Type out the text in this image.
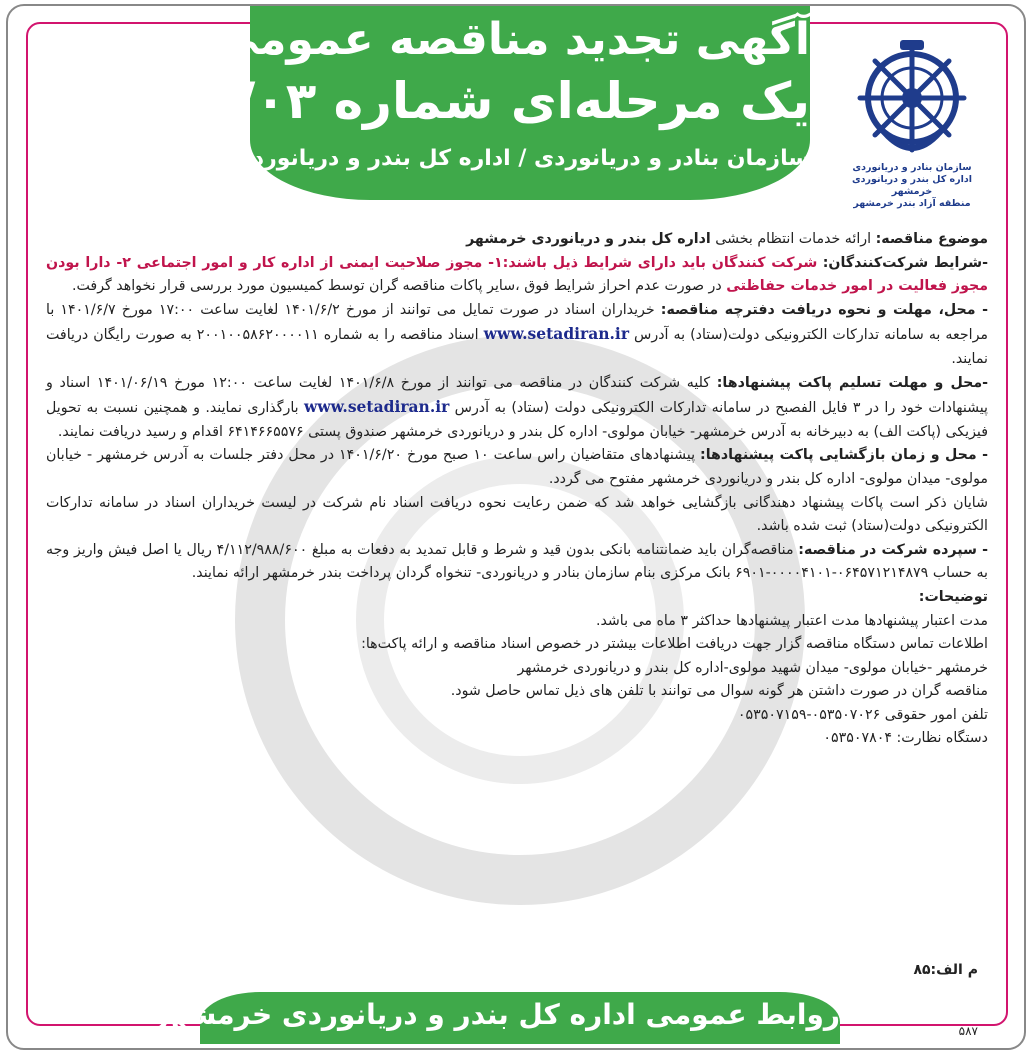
آگهی تجدید مناقصه عمومی
یک مرحله‌ای شماره ۱۴۰۱/۰۳
سازمان بنادر و دریانوردی / اداره کل بندر و دریانوردی خرمشهر	سازمان بنادر و دریانوردی
اداره کل بندر و دریانوردی خرمشهر
منطقه آزاد بندر خرمشهر

موضوع مناقصه: ارائه خدمات انتظام بخشی اداره کل بندر و دریانوردی خرمشهر

-شرایط شرکت‌کنندگان: شرکت کنندگان باید دارای شرایط ذیل باشند:۱- مجوز صلاحیت ایمنی از اداره کار و امور اجتماعی ۲- دارا بودن مجوز فعالیت در امور خدمات حفاظتی در صورت عدم احراز شرایط فوق ،سایر پاکات مناقصه گران توسط کمیسیون مورد بررسی قرار نخواهد گرفت.

- محل، مهلت و نحوه دریافت دفترچه مناقصه: خریداران اسناد در صورت تمایل می توانند از مورخ ۱۴۰۱/۶/۲ لغایت ساعت ۱۷:۰۰ مورخ ۱۴۰۱/۶/۷ با مراجعه به سامانه تدارکات الکترونیکی دولت(ستاد) به آدرس www.setadiran.ir اسناد مناقصه را به شماره ۲۰۰۱۰۰۵۸۶۲۰۰۰۰۱۱ به صورت رایگان دریافت نمایند.

-محل و مهلت تسلیم پاکت پیشنهادها: کلیه شرکت کنندگان در مناقصه می توانند از مورخ ۱۴۰۱/۶/۸ لغایت ساعت ۱۲:۰۰ مورخ ۱۴۰۱/۰۶/۱۹ اسناد و پیشنهادات خود را در ۳ فایل الفصبح در سامانه تدارکات الکترونیکی دولت (ستاد) به آدرس www.setadiran.ir بارگذاری نمایند. و همچنین نسبت به تحویل فیزیکی (پاکت الف) به دبیرخانه به آدرس خرمشهر- خیابان مولوی- اداره کل بندر و دریانوردی خرمشهر صندوق پستی ۶۴۱۴۶۶۵۵۷۶ اقدام و رسید دریافت نمایند.

- محل و زمان بازگشایی پاکت پیشنهادها: پیشنهادهای متقاضیان راس ساعت ۱۰ صبح مورخ ۱۴۰۱/۶/۲۰ در محل دفتر جلسات به آدرس خرمشهر - خیابان مولوی- میدان مولوی- اداره کل بندر و دریانوردی خرمشهر مفتوح می گردد.

شایان ذکر است پاکات پیشنهاد دهندگانی بازگشایی خواهد شد که ضمن رعایت نحوه دریافت اسناد نام شرکت در لیست خریداران اسناد در سامانه تدارکات الکترونیکی دولت(ستاد) ثبت شده باشد.

- سپرده شرکت در مناقصه: مناقصه‌گران باید ضمانتنامه بانکی بدون قید و شرط و قابل تمدید به دفعات به مبلغ ۴/۱۱۲/۹۸۸/۶۰۰ ریال یا اصل فیش واریز وجه به حساب ۰۶۴۵۷۱۲۱۴۸۷۹-۰۰۰۰۴۱۰۱-۶۹۰۱ بانک مرکزی بنام سازمان بنادر و دریانوردی- تنخواه گردان پرداخت بندر خرمشهر ارائه نمایند.

توضیحات:

مدت اعتبار پیشنهادها مدت اعتبار پیشنهادها حداکثر ۳ ماه می باشد.

اطلاعات تماس دستگاه مناقصه گزار جهت دریافت اطلاعات بیشتر در خصوص اسناد مناقصه و ارائه پاکت‌ها:

خرمشهر -خیابان مولوی- میدان شهید مولوی-اداره کل بندر و دریانوردی خرمشهر

مناقصه گران در صورت داشتن هر گونه سوال می توانند با تلفن های ذیل تماس حاصل شود.

تلفن امور حقوقی ۰۵۳۵۰۷۰۲۶-۰۵۳۵۰۷۱۵۹

دستگاه نظارت: ۰۵۳۵۰۷۸۰۴

م الف:۸۵
روابط عمومی اداره کل بندر و دریانوردی خرمشهر	۵۸۷
